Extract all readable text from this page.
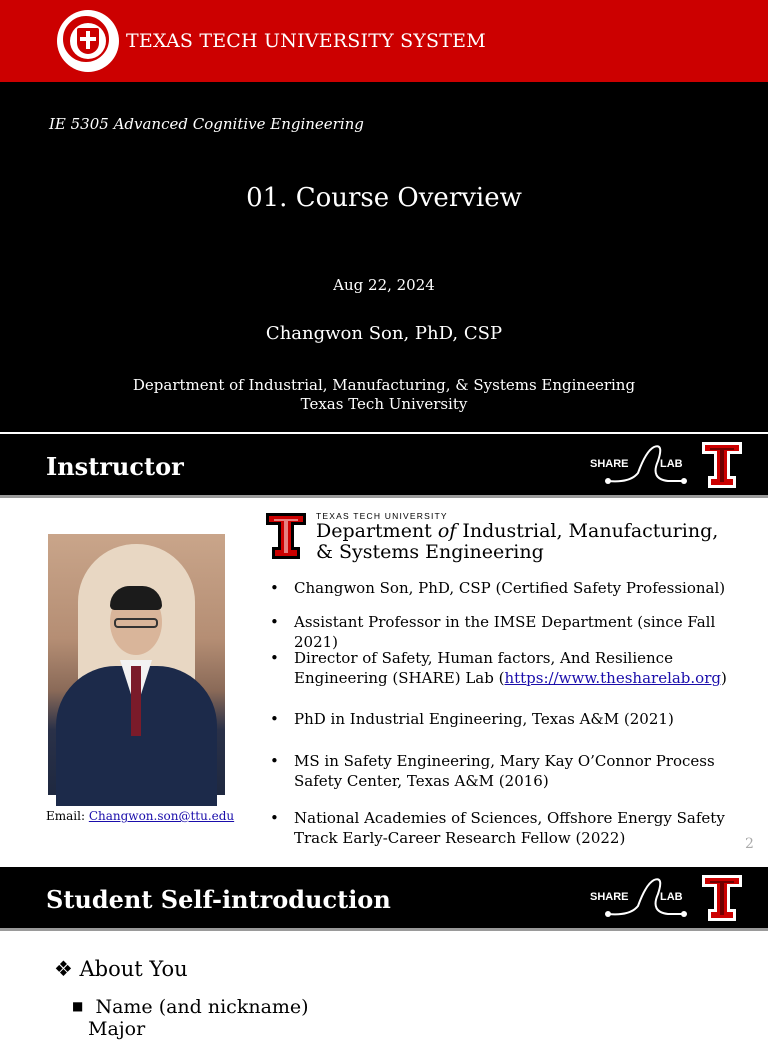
TEXAS TECH UNIVERSITY SYSTEM
IE 5305 Advanced Cognitive Engineering
01. Course Overview
Aug 22, 2024
Changwon Son, PhD, CSP
Department of Industrial, Manufacturing, & Systems Engineering
Texas Tech University
Instructor	SHARE	LAB
Email: Changwon.son@ttu.edu
TEXAS TECH UNIVERSITY
Department of Industrial, Manufacturing,
& Systems Engineering
• Changwon Son, PhD, CSP (Certified Safety Professional)
• Assistant Professor in the IMSE Department (since Fall 2021)
• Director of Safety, Human factors, And Resilience Engineering (SHARE) Lab (https://www.thesharelab.org)
• PhD in Industrial Engineering, Texas A&M (2021)
• MS in Safety Engineering, Mary Kay O’Connor Process Safety Center, Texas A&M (2016)
• National Academies of Sciences, Offshore Energy Safety Track Early-Career Research Fellow (2022)	2
Student Self-introduction	SHARE	LAB
❖ About You
■ Name (and nickname)
Major
